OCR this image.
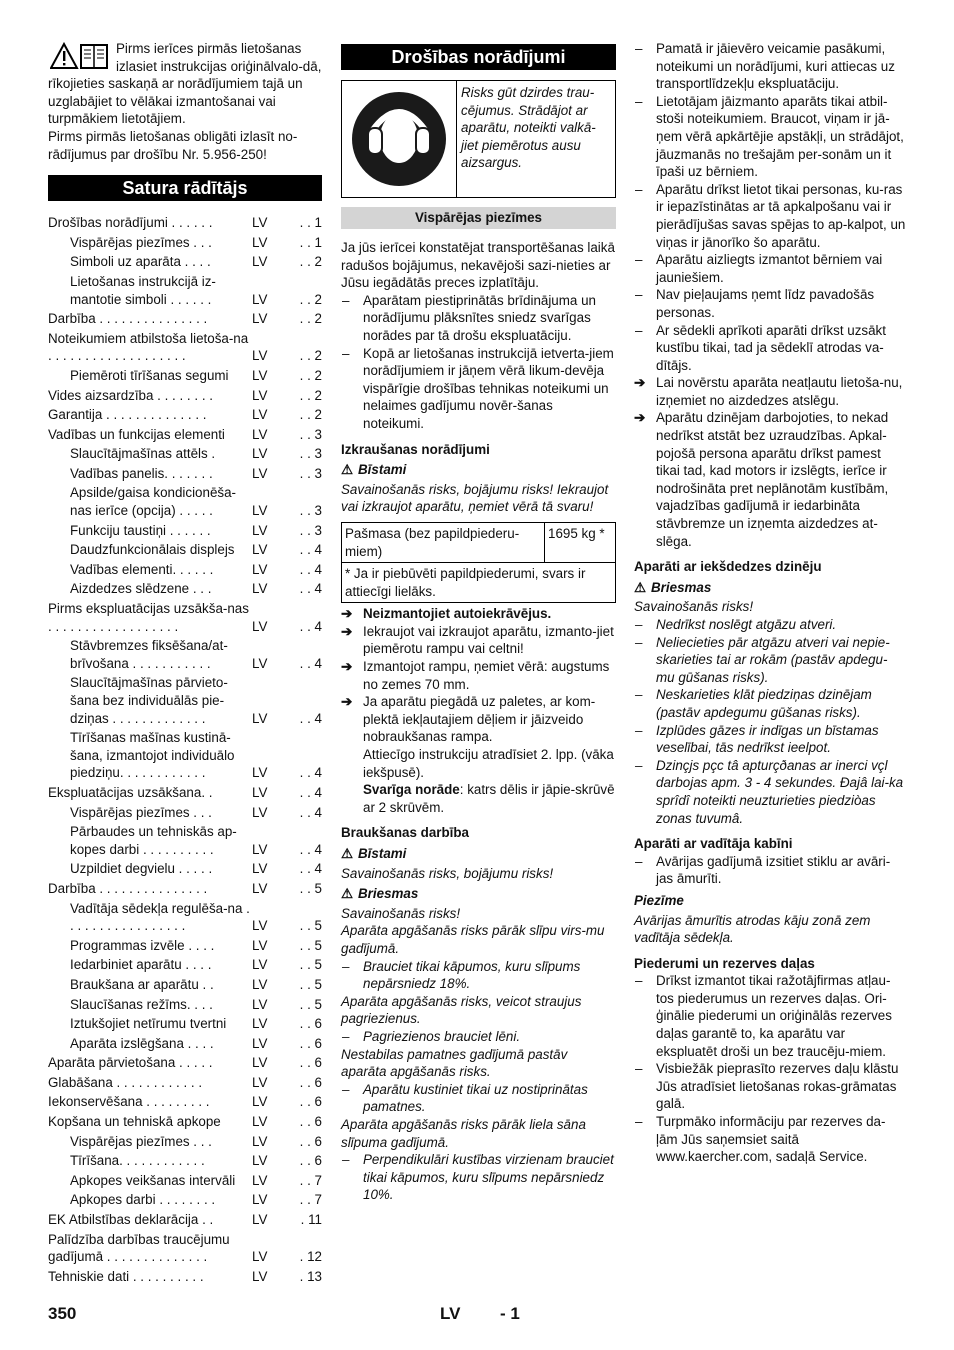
Pirms ierīces pirmās lietošanas izlasiet instrukcijas oriģinālvalo-dā, rīkojieties saskaņā ar norādījumiem tajā un uzglabājiet to vēlākai izmantošanai vai turpmākiem lietotājiem.

Pirms pirmās lietošanas obligāti izlasīt no-rādījumus par drošību Nr. 5.956-250!

Satura rādītājs
Drošības norādījumi . . . . . .	LV	. . 1
Vispārējas piezīmes . . .	LV	. . 1
Simboli uz aparāta . . . .	LV	. . 2
Lietošanas instrukcijā iz-mantotie simboli . . . . . .	LV	. . 2
Darbība . . . . . . . . . . . . . . .	LV	. . 2
Noteikumiem atbilstoša lietoša-na . . . . . . . . . . . . . . . . . . .	LV	. . 2
Piemēroti tīrīšanas segumi	LV	. . 2
Vides aizsardzība . . . . . . . .	LV	. . 2
Garantija . . . . . . . . . . . . . .	LV	. . 2
Vadības un funkcijas elementi	LV	. . 3
Slaucītājmašīnas attēls .	LV	. . 3
Vadības panelis. . . . . . .	LV	. . 3
Apsilde/gaisa kondicionēša-nas ierīce (opcija) . . . . .	LV	. . 3
Funkciju taustiņi . . . . . .	LV	. . 3
Daudzfunkcionālais displejs	LV	. . 4
Vadības elementi. . . . . .	LV	. . 4
Aizdedzes slēdzene . . .	LV	. . 4
Pirms ekspluatācijas uzsākša-nas . . . . . . . . . . . . . . . . . .	LV	. . 4
Stāvbremzes fiksēšana/at-brīvošana . . . . . . . . . . .	LV	. . 4
Slaucītājmašīnas pārvieto-šana bez individuālās pie-dziņas . . . . . . . . . . . . .	LV	. . 4
Tīrīšanas mašīnas kustinā-šana, izmantojot individuālo piedziņu. . . . . . . . . . . .	LV	. . 4
Ekspluatācijas uzsākšana. .	LV	. . 4
Vispārējas piezīmes . . .	LV	. . 4
Pārbaudes un tehniskās ap-kopes darbi . . . . . . . . . .	LV	. . 4
Uzpildiet degvielu . . . . .	LV	. . 4
Darbība . . . . . . . . . . . . . . .	LV	. . 5
Vadītāja sēdekļa regulēša-na . . . . . . . . . . . . . . . . .	LV	. . 5
Programmas izvēle . . . .	LV	. . 5
Iedarbiniet aparātu . . . .	LV	. . 5
Braukšana ar aparātu . .	LV	. . 5
Slaucīšanas režīms. . . .	LV	. . 5
Iztukšojiet netīrumu tvertni	LV	. . 6
Aparāta izslēgšana . . . .	LV	. . 6
Aparāta pārvietošana . . . . .	LV	. . 6
Glabāšana . . . . . . . . . . . .	LV	. . 6
Iekonservēšana . . . . . . . . .	LV	. . 6
Kopšana un tehniskā apkope	LV	. . 6
Vispārējas piezīmes . . .	LV	. . 6
Tīrīšana. . . . . . . . . . . .	LV	. . 6
Apkopes veikšanas intervāli	LV	. . 7
Apkopes darbi . . . . . . . .	LV	. . 7
EK Atbilstības deklarācija . .	LV	. 11
Palīdzība darbības traucējumu gadījumā . . . . . . . . . . . . . .	LV	. 12
Tehniskie dati . . . . . . . . . .	LV	. 13
Drošības norādījumi
Risks gūt dzirdes trau-cējumus. Strādājot ar aparātu, noteikti valkā-jiet piemērotus ausu aizsargus.
Vispārējas piezīmes

Ja jūs ierīcei konstatējat transportēšanas laikā radušos bojājumus, nekavējoši sazi-nieties ar Jūsu iegādātās preces izplatītāju.

– Aparātam piestiprinātās brīdinājuma un norādījumu plāksnītes sniedz svarīgas norādes par tā drošu ekspluatāciju.

– Kopā ar lietošanas instrukcijā ietverta-jiem norādījumiem ir jāņem vērā likum-devēja vispārīgie drošības tehnikas noteikumi un nelaimes gadījumu novēr-šanas noteikumi.

Izkraušanas norādījumi

⚠ Bīstami

Savainošanās risks, bojājumu risks! Iekraujot vai izkraujot aparātu, ņemiet vērā tā svaru!

Pašmasa (bez papildpiederu-miem)	1695 kg *
* Ja ir piebūvēti papildpiederumi, svars ir attiecīgi lielāks.

➔ Neizmantojiet autoiekrāvējus.

➔ Iekraujot vai izkraujot aparātu, izmanto-jiet piemērotu rampu vai celtni!

➔ Izmantojot rampu, ņemiet vērā: augstums no zemes 70 mm.

➔ Ja aparātu piegādā uz paletes, ar kom-plektā iekļautajiem dēļiem ir jāizveido nobraukšanas rampa.

Attiecīgo instrukciju atradīsiet 2. lpp. (vāka iekšpusē).

Svarīga norāde: katrs dēlis ir jāpie-skrūvē ar 2 skrūvēm.

Braukšanas darbība

⚠ Bīstami

Savainošanās risks, bojājumu risks!

⚠ Briesmas

Savainošanās risks!

Aparāta apgāšanās risks pārāk slīpu virs-mu gadījumā.

– Brauciet tikai kāpumos, kuru slīpums nepārsniedz 18%.

Aparāta apgāšanās risks, veicot straujus pagriezienus.

– Pagriezienos brauciet lēni.

Nestabilas pamatnes gadījumā pastāv aparāta apgāšanās risks.

– Aparātu kustiniet tikai uz nostiprinātas pamatnes.

Aparāta apgāšanās risks pārāk liela sāna slīpuma gadījumā.

– Perpendikulāri kustības virzienam brauciet tikai kāpumos, kuru slīpums nepārsniedz 10%.

– Pamatā ir jāievēro veicamie pasākumi, noteikumi un norādījumi, kuri attiecas uz transportlīdzekļu ekspluatāciju.

– Lietotājam jāizmanto aparāts tikai atbil-stoši noteikumiem. Braucot, viņam ir jā-ņem vērā apkārtējie apstākļi, un strādājot, jāuzmanās no trešajām per-sonām un it īpaši uz bērniem.

– Aparātu drīkst lietot tikai personas, ku-ras ir iepazīstinātas ar tā apkalpošanu vai ir pierādījušas savas spējas to ap-kalpot, un viņas ir jānorīko šo aparātu.

– Aparātu aizliegts izmantot bērniem vai jauniešiem.

– Nav pieļaujams ņemt līdz pavadošās personas.

– Ar sēdekli aprīkoti aparāti drīkst uzsākt kustību tikai, tad ja sēdeklī atrodas va-dītājs.

➔ Lai novērstu aparāta neatļautu lietoša-nu, izņemiet no aizdedzes atslēgu.

➔ Aparātu dzinējam darbojoties, to nekad nedrīkst atstāt bez uzraudzības. Apkal-pojošā persona aparātu drīkst pamest tikai tad, kad motors ir izslēgts, ierīce ir nodrošināta pret neplānotām kustībām, vajadzības gadījumā ir iedarbināta stāvbremze un izņemta aizdedzes at-slēga.

Aparāti ar iekšdedzes dzinēju

⚠ Briesmas

Savainošanās risks!

– Nedrīkst noslēgt atgāzu atveri.

– Neliecieties pār atgāzu atveri vai nepie-skarieties tai ar rokām (pastāv apdegu-mu gūšanas risks).

– Neskarieties klāt piedziņas dzinējam (pastāv apdegumu gūšanas risks).

– Izplūdes gāzes ir indīgas un bīstamas veselībai, tās nedrīkst ieelpot.

– Dzinçjs pçc tâ apturçðanas ar inerci vçl darbojas apm. 3 - 4 sekundes. Ðajâ lai-ka sprîdî noteikti neuzturieties piedziòas zonas tuvumâ.

Aparāti ar vadītāja kabīni

– Avārijas gadījumā izsitiet stiklu ar avāri-jas āmurīti.

Piezīme

Avārijas āmurītis atrodas kāju zonā zem vadītāja sēdekļa.

Piederumi un rezerves daļas

– Drīkst izmantot tikai ražotājfirmas atļau-tos piederumus un rezerves daļas. Ori-ģinālie piederumi un oriģinālās rezerves daļas garantē to, ka aparātu var ekspluatēt droši un bez traucēju-miem.

– Visbiežāk pieprasīto rezerves daļu klāstu Jūs atradīsiet lietošanas rokas-grāmatas galā.

– Turpmāko informāciju par rezerves da-ļām Jūs saņemsiet saitā www.kaercher.com, sadaļā Service.

350	LV - 1
